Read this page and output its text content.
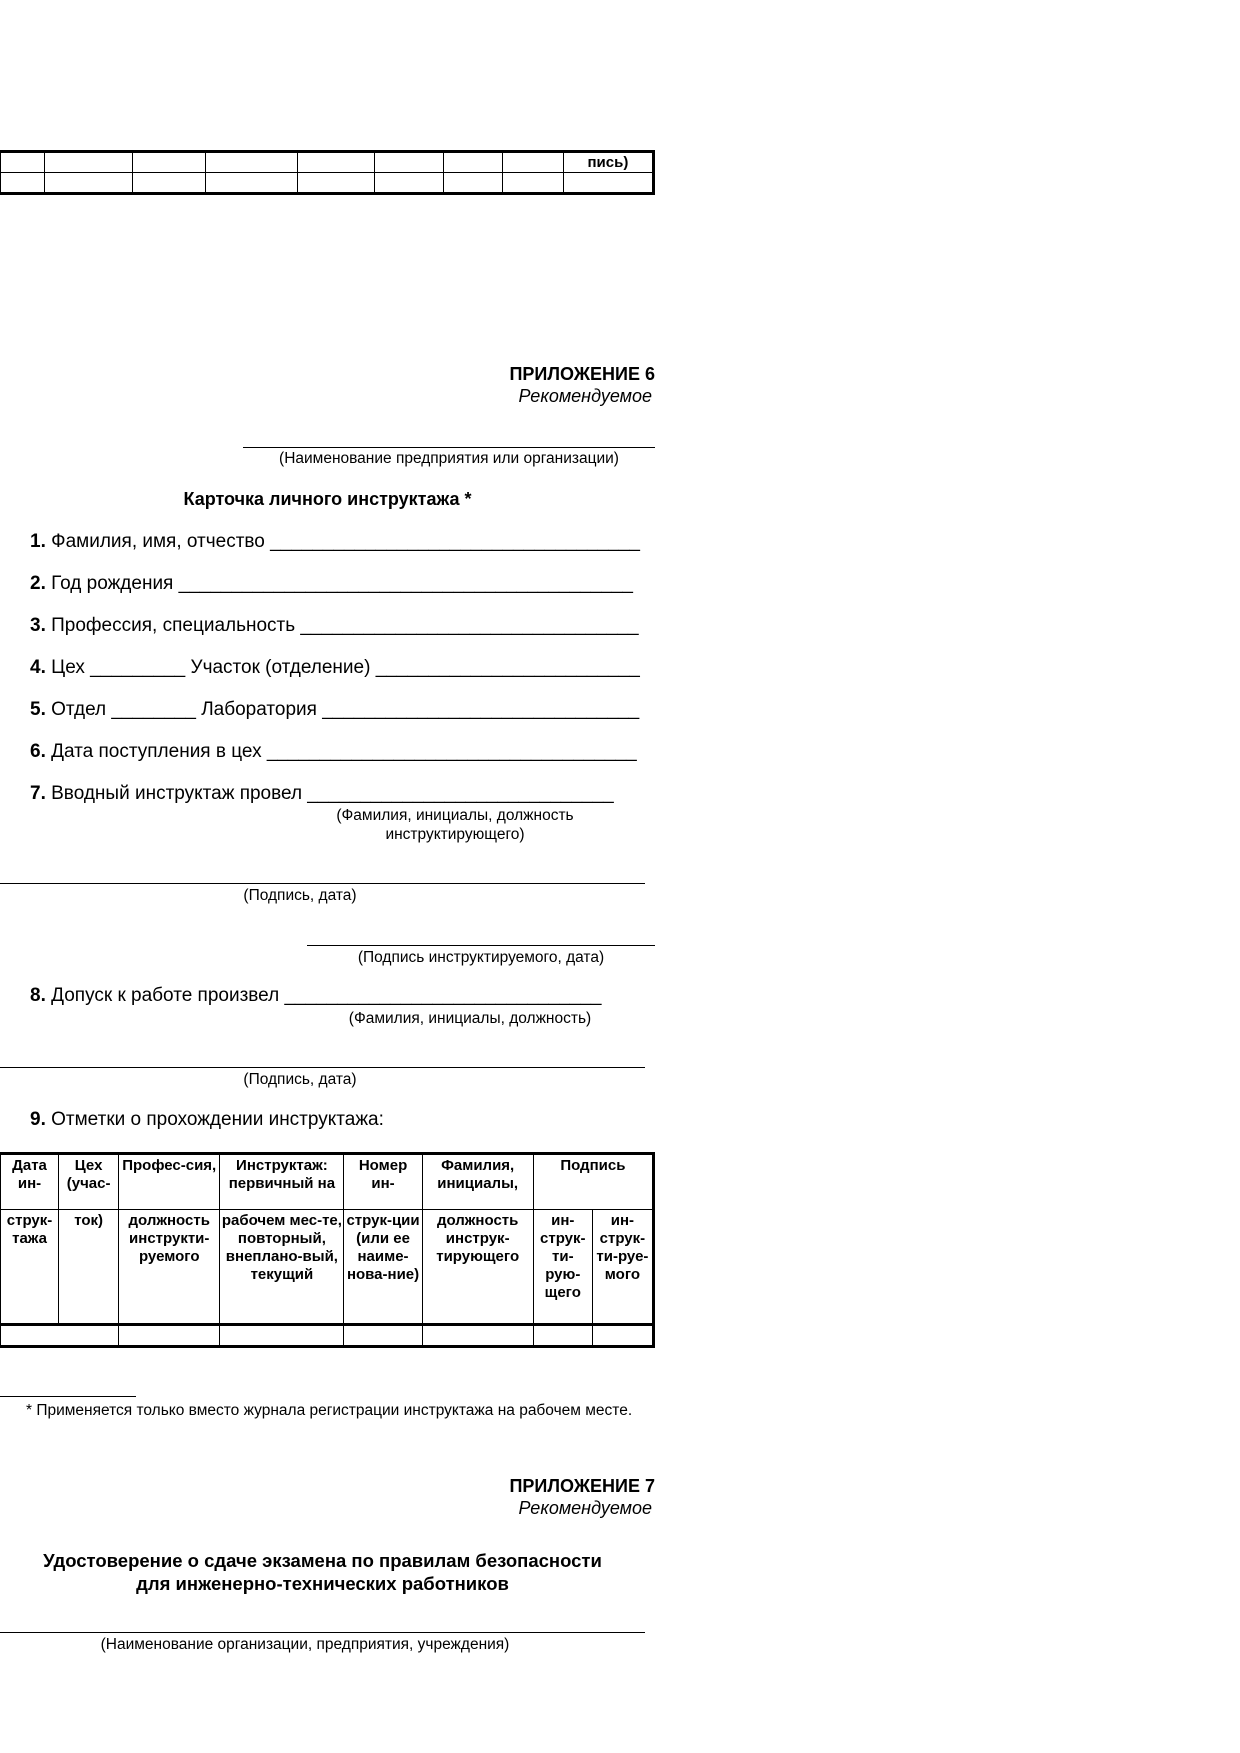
								пись)

ПРИЛОЖЕНИЕ 6
Рекомендуемое
(Наименование предприятия или организации)
Карточка личного инструктажа *
1. Фамилия, имя, отчество ___________________________________
2. Год рождения ___________________________________________
3. Профессия, специальность ________________________________
4. Цех _________ Участок (отделение) _________________________
5. Отдел ________ Лаборатория ______________________________
6. Дата поступления в цех ___________________________________
7. Вводный инструктаж провел _____________________________
(Фамилия, инициалы, должность
инструктирующего)
(Подпись, дата)
(Подпись инструктируемого, дата)
8. Допуск к работе произвел ______________________________
(Фамилия, инициалы, должность)
(Подпись, дата)
9. Отметки о прохождении инструктажа:
Дата ин-	Цех (учас-	Профес-сия,	Инструктаж: первичный на	Номер ин-	Фамилия, инициалы,	Подпись	
струк-тажа	ток)	должность инструкти-руемого	рабочем мес-те, повторный, внеплано-вый, текущий	струк-ции (или ее наиме-нова-ние)	должность инструк-тирующего	ин-струк-ти-рую-щего	ин-струк-ти-руе-мого

* Применяется только вместо журнала регистрации инструктажа на рабочем месте.
ПРИЛОЖЕНИЕ 7
Рекомендуемое
Удостоверение о сдаче экзамена по правилам безопасности
для инженерно-технических работников
(Наименование организации, предприятия, учреждения)
